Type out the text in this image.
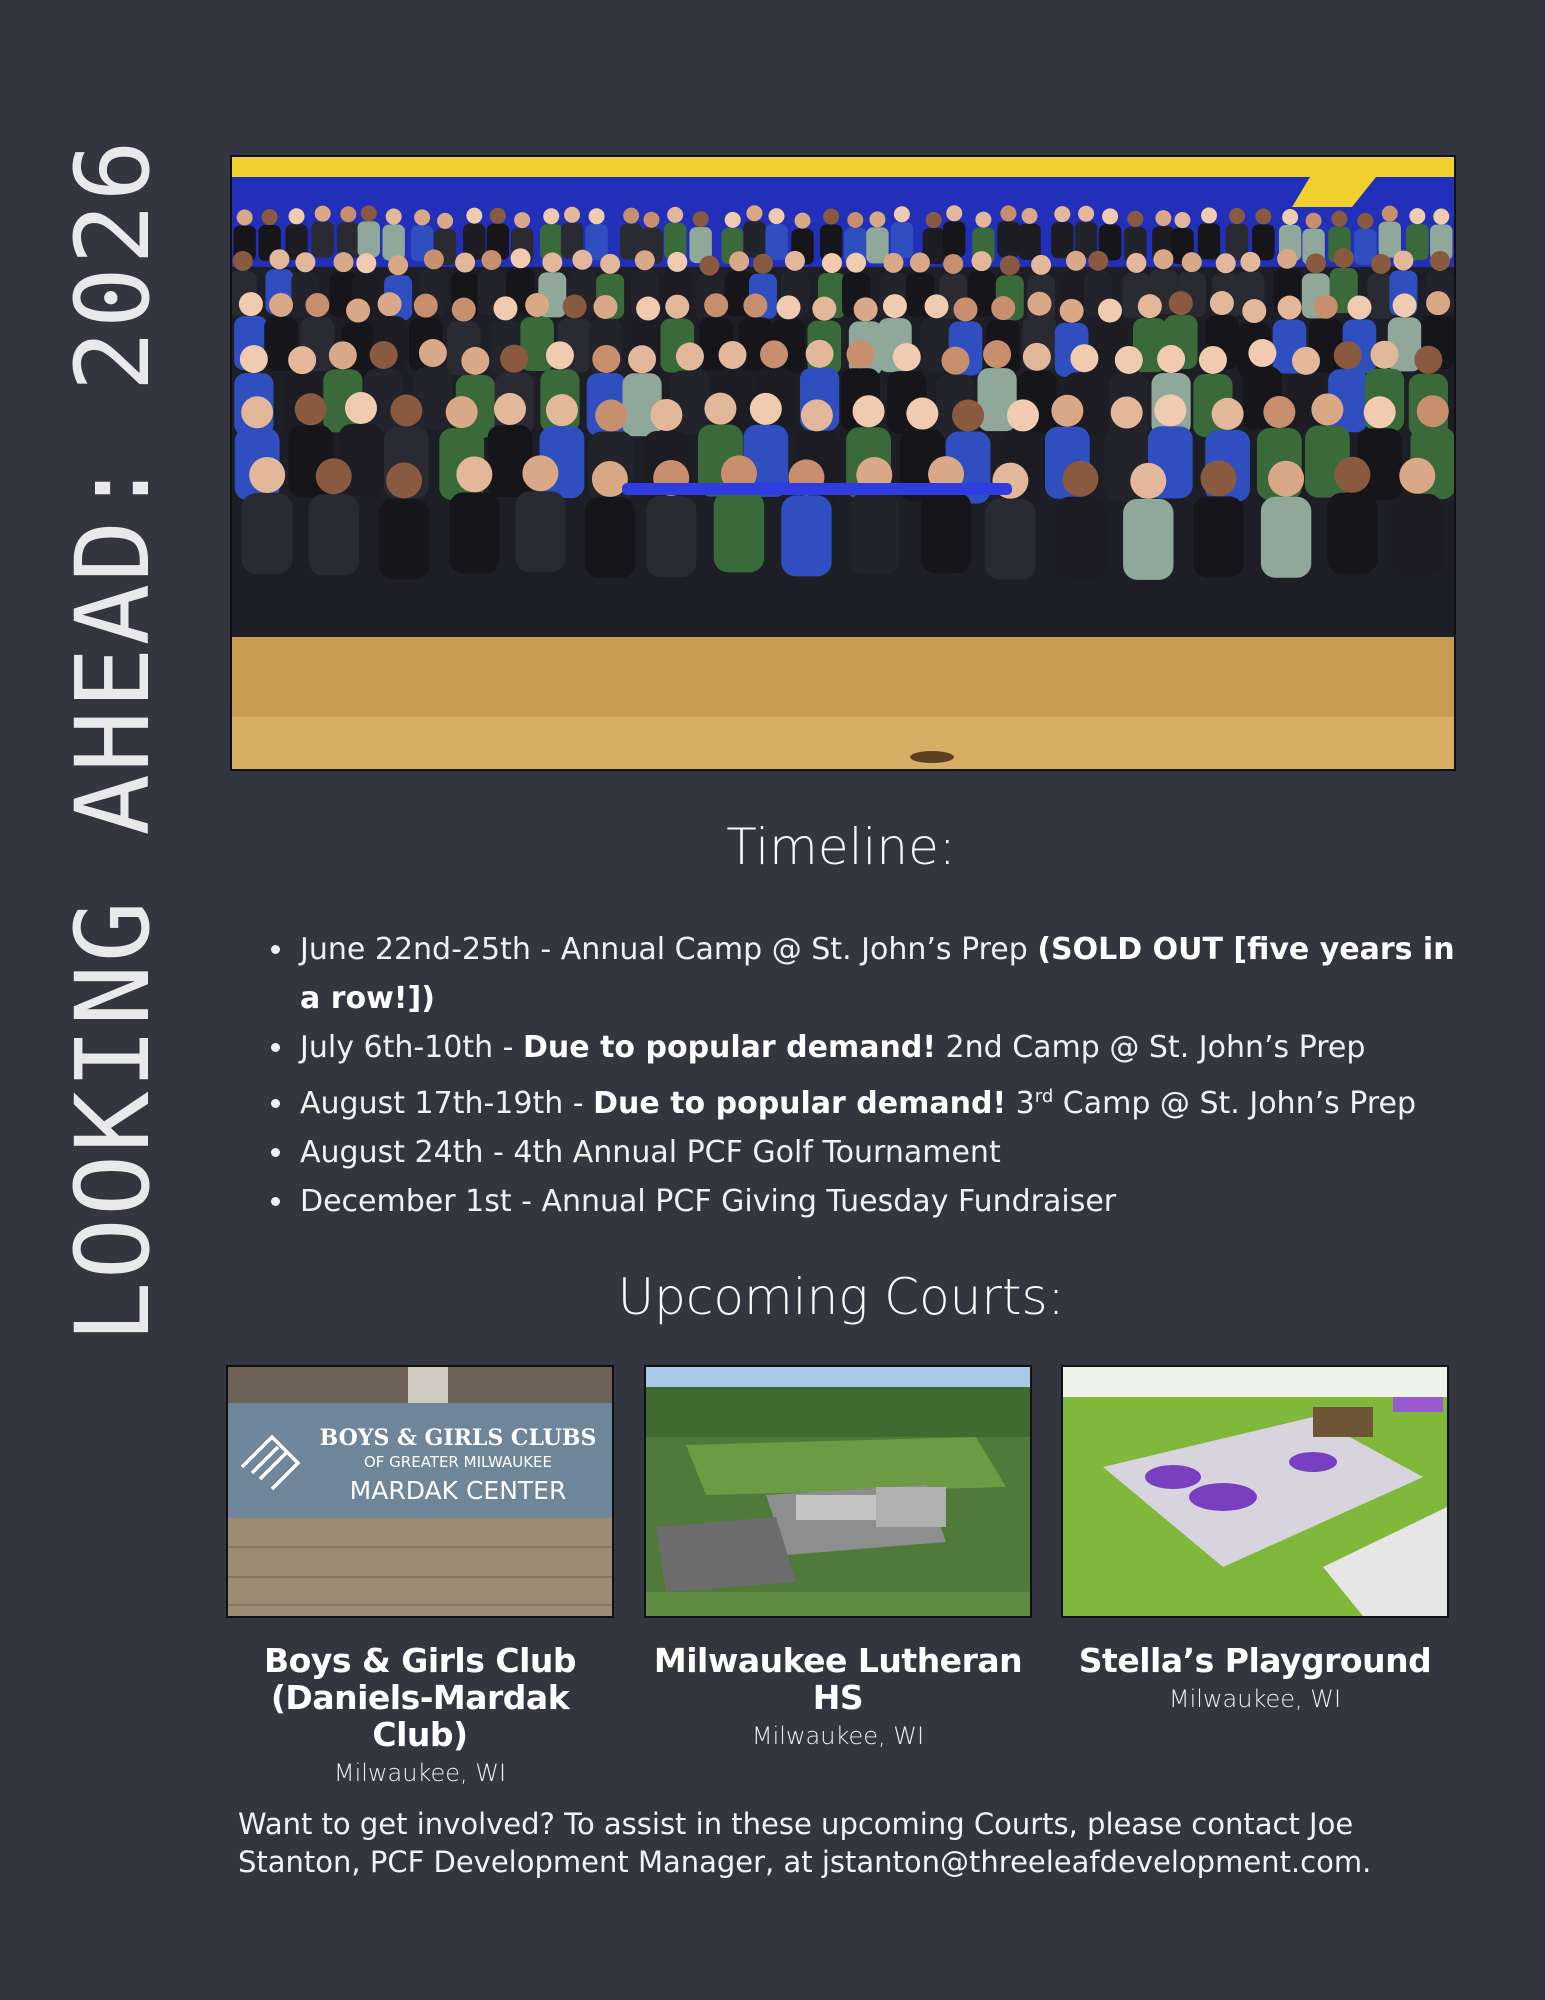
LOOKING AHEAD: 2026	Timeline:
• June 22nd-25th - Annual Camp @ St. John’s Prep (SOLD OUT [five years in a row!])
• July 6th-10th - Due to popular demand! 2nd Camp @ St. John’s Prep
• August 17th-19th - Due to popular demand! 3rd Camp @ St. John’s Prep
• August 24th - 4th Annual PCF Golf Tournament
• December 1st - Annual PCF Giving Tuesday Fundraiser
Upcoming Courts:
BOYS & GIRLS CLUBS
OF GREATER MILWAUKEE
MARDAK CENTER
Boys & Girls Club
(Daniels-Mardak Club)
Milwaukee, WI
Milwaukee Lutheran HS
Milwaukee, WI
Stella’s Playground
Milwaukee, WI
Want to get involved? To assist in these upcoming Courts, please contact Joe Stanton, PCF Development Manager, at jstanton@threeleafdevelopment.com.
